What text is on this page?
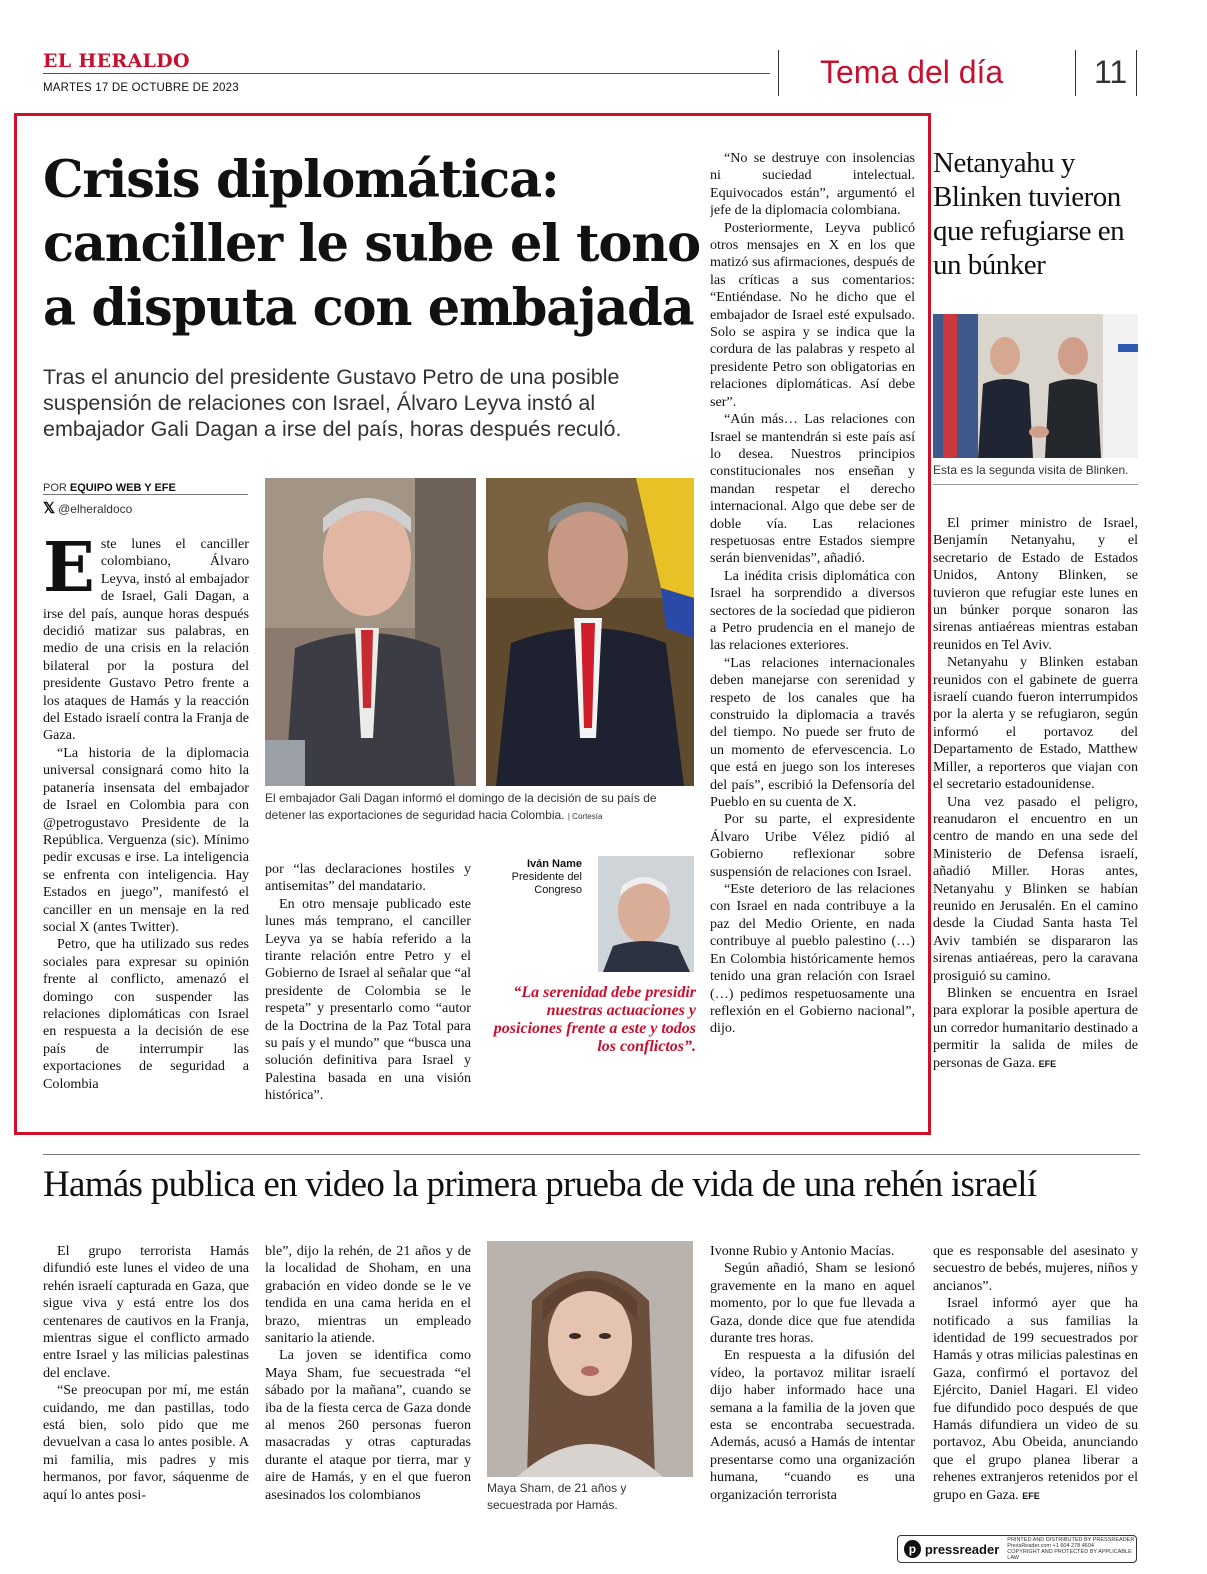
EL HERALDO
MARTES 17 DE OCTUBRE DE 2023	Tema del día	11
Crisis diplomática: canciller le sube el tono a disputa con embajada
Tras el anuncio del presidente Gustavo Petro de una posible suspensión de relaciones con Israel, Álvaro Leyva instó al embajador Gali Dagan a irse del país, horas después reculó.
POR EQUIPO WEB Y EFE
𝕏 @elheraldoco

Este lunes el canciller colombiano, Álvaro Leyva, instó al embajador de Israel, Gali Dagan, a irse del país, aunque horas después decidió matizar sus palabras, en medio de una crisis en la relación bilateral por la postura del presidente Gustavo Petro frente a los ataques de Hamás y la reacción del Estado israelí contra la Franja de Gaza.

“La historia de la diplomacia universal consignará como hito la patanería insensata del embajador de Israel en Colombia para con @petrogustavo Presidente de la República. Verguenza (sic). Mínimo pedir excusas e irse. La inteligencia se enfrenta con inteligencia. Hay Estados en juego”, manifestó el canciller en un mensaje en la red social X (antes Twitter).

Petro, que ha utilizado sus redes sociales para expresar su opinión frente al conflicto, amenazó el domingo con suspender las relaciones diplomáticas con Israel en respuesta a la decisión de ese país de interrumpir las exportaciones de seguridad a Colombia

El embajador Gali Dagan informó el domingo de la decisión de su país de detener las exportaciones de seguridad hacia Colombia. | Cortesía

por “las declaraciones hostiles y antisemitas” del mandatario.

En otro mensaje publicado este lunes más temprano, el canciller Leyva ya se había referido a la tirante relación entre Petro y el Gobierno de Israel al señalar que “al presidente de Colombia se le respeta” y presentarlo como “autor de la Doctrina de la Paz Total para su país y el mundo” que “busca una solución definitiva para Israel y Palestina basada en una visión histórica”.

Iván Name
Presidente del Congreso
“La serenidad debe presidir nuestras actuaciones y posiciones frente a este y todos los conflictos”.

“No se destruye con insolencias ni suciedad intelectual. Equivocados están”, argumentó el jefe de la diplomacia colombiana.

Posteriormente, Leyva publicó otros mensajes en X en los que matizó sus afirmaciones, después de las críticas a sus comentarios: “Entiéndase. No he dicho que el embajador de Israel esté expulsado. Solo se aspira y se indica que la cordura de las palabras y respeto al presidente Petro son obligatorias en relaciones diplomáticas. Así debe ser”.

“Aún más… Las relaciones con Israel se mantendrán si este país así lo desea. Nuestros principios constitucionales nos enseñan y mandan respetar el derecho internacional. Algo que debe ser de doble vía. Las relaciones respetuosas entre Estados siempre serán bienvenidas”, añadió.

La inédita crisis diplomática con Israel ha sorprendido a diversos sectores de la sociedad que pidieron a Petro prudencia en el manejo de las relaciones exteriores.

“Las relaciones internacionales deben manejarse con serenidad y respeto de los canales que ha construido la diplomacia a través del tiempo. No puede ser fruto de un momento de efervescencia. Lo que está en juego son los intereses del país”, escribió la Defensoría del Pueblo en su cuenta de X.

Por su parte, el expresidente Álvaro Uribe Vélez pidió al Gobierno reflexionar sobre suspensión de relaciones con Israel.

“Este deterioro de las relaciones con Israel en nada contribuye a la paz del Medio Oriente, en nada contribuye al pueblo palestino (…) En Colombia históricamente hemos tenido una gran relación con Israel (…) pedimos respetuosamente una reflexión en el Gobierno nacional”, dijo.

Netanyahu y Blinken tuvieron que refugiarse en un búnker
Esta es la segunda visita de Blinken.

El primer ministro de Israel, Benjamín Netanyahu, y el secretario de Estado de Estados Unidos, Antony Blinken, se tuvieron que refugiar este lunes en un búnker porque sonaron las sirenas antiaéreas mientras estaban reunidos en Tel Aviv.

Netanyahu y Blinken estaban reunidos con el gabinete de guerra israelí cuando fueron interrumpidos por la alerta y se refugiaron, según informó el portavoz del Departamento de Estado, Matthew Miller, a reporteros que viajan con el secretario estadounidense.

Una vez pasado el peligro, reanudaron el encuentro en un centro de mando en una sede del Ministerio de Defensa israelí, añadió Miller. Horas antes, Netanyahu y Blinken se habían reunido en Jerusalén. En el camino desde la Ciudad Santa hasta Tel Aviv también se dispararon las sirenas antiaéreas, pero la caravana prosiguió su camino.

Blinken se encuentra en Israel para explorar la posible apertura de un corredor humanitario destinado a permitir la salida de miles de personas de Gaza. EFE

Hamás publica en video la primera prueba de vida de una rehén israelí

El grupo terrorista Hamás difundió este lunes el video de una rehén israelí capturada en Gaza, que sigue viva y está entre los dos centenares de cautivos en la Franja, mientras sigue el conflicto armado entre Israel y las milicias palestinas del enclave.

“Se preocupan por mí, me están cuidando, me dan pastillas, todo está bien, solo pido que me devuelvan a casa lo antes posible. A mi familia, mis padres y mis hermanos, por favor, sáquenme de aquí lo antes posi-

ble”, dijo la rehén, de 21 años y de la localidad de Shoham, en una grabación en video donde se le ve tendida en una cama herida en el brazo, mientras un empleado sanitario la atiende.

La joven se identifica como Maya Sham, fue secuestrada “el sábado por la mañana”, cuando se iba de la fiesta cerca de Gaza donde al menos 260 personas fueron masacradas y otras capturadas durante el ataque por tierra, mar y aire de Hamás, y en el que fueron asesinados los colombianos	Maya Sham, de 21 años y secuestrada por Hamás.

Ivonne Rubio y Antonio Macías.

Según añadió, Sham se lesionó gravemente en la mano en aquel momento, por lo que fue llevada a Gaza, donde dice que fue atendida durante tres horas.

En respuesta a la difusión del vídeo, la portavoz militar israelí dijo haber informado hace una semana a la familia de la joven que esta se encontraba secuestrada. Además, acusó a Hamás de intentar presentarse como una organización humana, “cuando es una organización terrorista

que es responsable del asesinato y secuestro de bebés, mujeres, niños y ancianos”.

Israel informó ayer que ha notificado a sus familias la identidad de 199 secuestrados por Hamás y otras milicias palestinas en Gaza, confirmó el portavoz del Ejército, Daniel Hagari. El video fue difundido poco después de que Hamás difundiera un video de su portavoz, Abu Obeida, anunciando que el grupo planea liberar a rehenes extranjeros retenidos por el grupo en Gaza. EFE

p pressreader
PRINTED AND DISTRIBUTED BY PRESSREADER
PressReader.com +1 604 278 4604
COPYRIGHT AND PROTECTED BY APPLICABLE LAW
